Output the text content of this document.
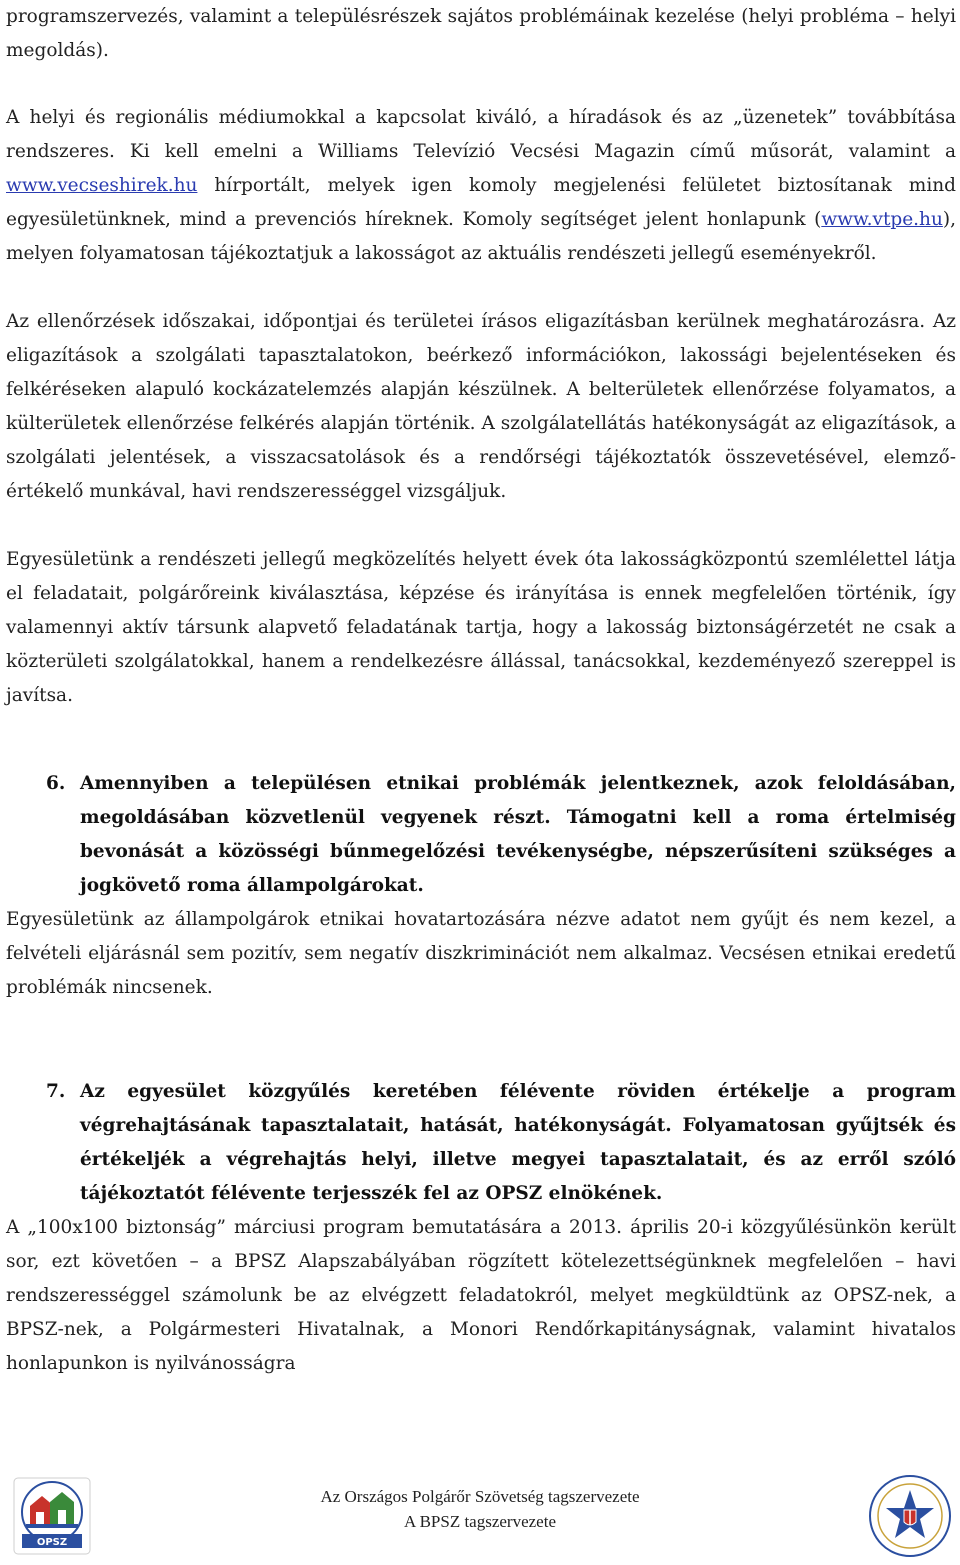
programszervezés, valamint a településrészek sajátos problémáinak kezelése (helyi probléma – helyi megoldás).

A helyi és regionális médiumokkal a kapcsolat kiváló, a híradások és az „üzenetek” továbbítása rendszeres. Ki kell emelni a Williams Televízió Vecsési Magazin című műsorát, valamint a www.vecseshirek.hu hírportált, melyek igen komoly megjelenési felületet biztosítanak mind egyesületünknek, mind a prevenciós híreknek. Komoly segítséget jelent honlapunk (www.vtpe.hu), melyen folyamatosan tájékoztatjuk a lakosságot az aktuális rendészeti jellegű eseményekről.

Az ellenőrzések időszakai, időpontjai és területei írásos eligazításban kerülnek meghatározásra. Az eligazítások a szolgálati tapasztalatokon, beérkező információkon, lakossági bejelentéseken és felkéréseken alapuló kockázatelemzés alapján készülnek. A belterületek ellenőrzése folyamatos, a külterületek ellenőrzése felkérés alapján történik. A szolgálatellátás hatékonyságát az eligazítások, a szolgálati jelentések, a visszacsatolások és a rendőrségi tájékoztatók összevetésével, elemző-értékelő munkával, havi rendszerességgel vizsgáljuk.

Egyesületünk a rendészeti jellegű megközelítés helyett évek óta lakosságközpontú szemlélettel látja el feladatait, polgárőreink kiválasztása, képzése és irányítása is ennek megfelelően történik, így valamennyi aktív társunk alapvető feladatának tartja, hogy a lakosság biztonságérzetét ne csak a közterületi szolgálatokkal, hanem a rendelkezésre állással, tanácsokkal, kezdeményező szereppel is javítsa.

6. Amennyiben a településen etnikai problémák jelentkeznek, azok feloldásában, megoldásában közvetlenül vegyenek részt. Támogatni kell a roma értelmiség bevonását a közösségi bűnmegelőzési tevékenységbe, népszerűsíteni szükséges a jogkövető roma állampolgárokat.

Egyesületünk az állampolgárok etnikai hovatartozására nézve adatot nem gyűjt és nem kezel, a felvételi eljárásnál sem pozitív, sem negatív diszkriminációt nem alkalmaz. Vecsésen etnikai eredetű problémák nincsenek.

7. Az egyesület közgyűlés keretében félévente röviden értékelje a program végrehajtásának tapasztalatait, hatását, hatékonyságát. Folyamatosan gyűjtsék és értékeljék a végrehajtás helyi, illetve megyei tapasztalatait, és az erről szóló tájékoztatót félévente terjesszék fel az OPSZ elnökének.

A „100x100 biztonság” márciusi program bemutatására a 2013. április 20-i közgyűlésünkön került sor, ezt követően – a BPSZ Alapszabályában rögzített kötelezettségünknek megfelelően – havi rendszerességgel számolunk be az elvégzett feladatokról, melyet megküldtünk az OPSZ-nek, a BPSZ-nek, a Polgármesteri Hivatalnak, a Monori Rendőrkapitányságnak, valamint hivatalos honlapunkon is nyilvánosságra

OPSZ
Az Országos Polgárőr Szövetség tagszervezete
A BPSZ tagszervezete
